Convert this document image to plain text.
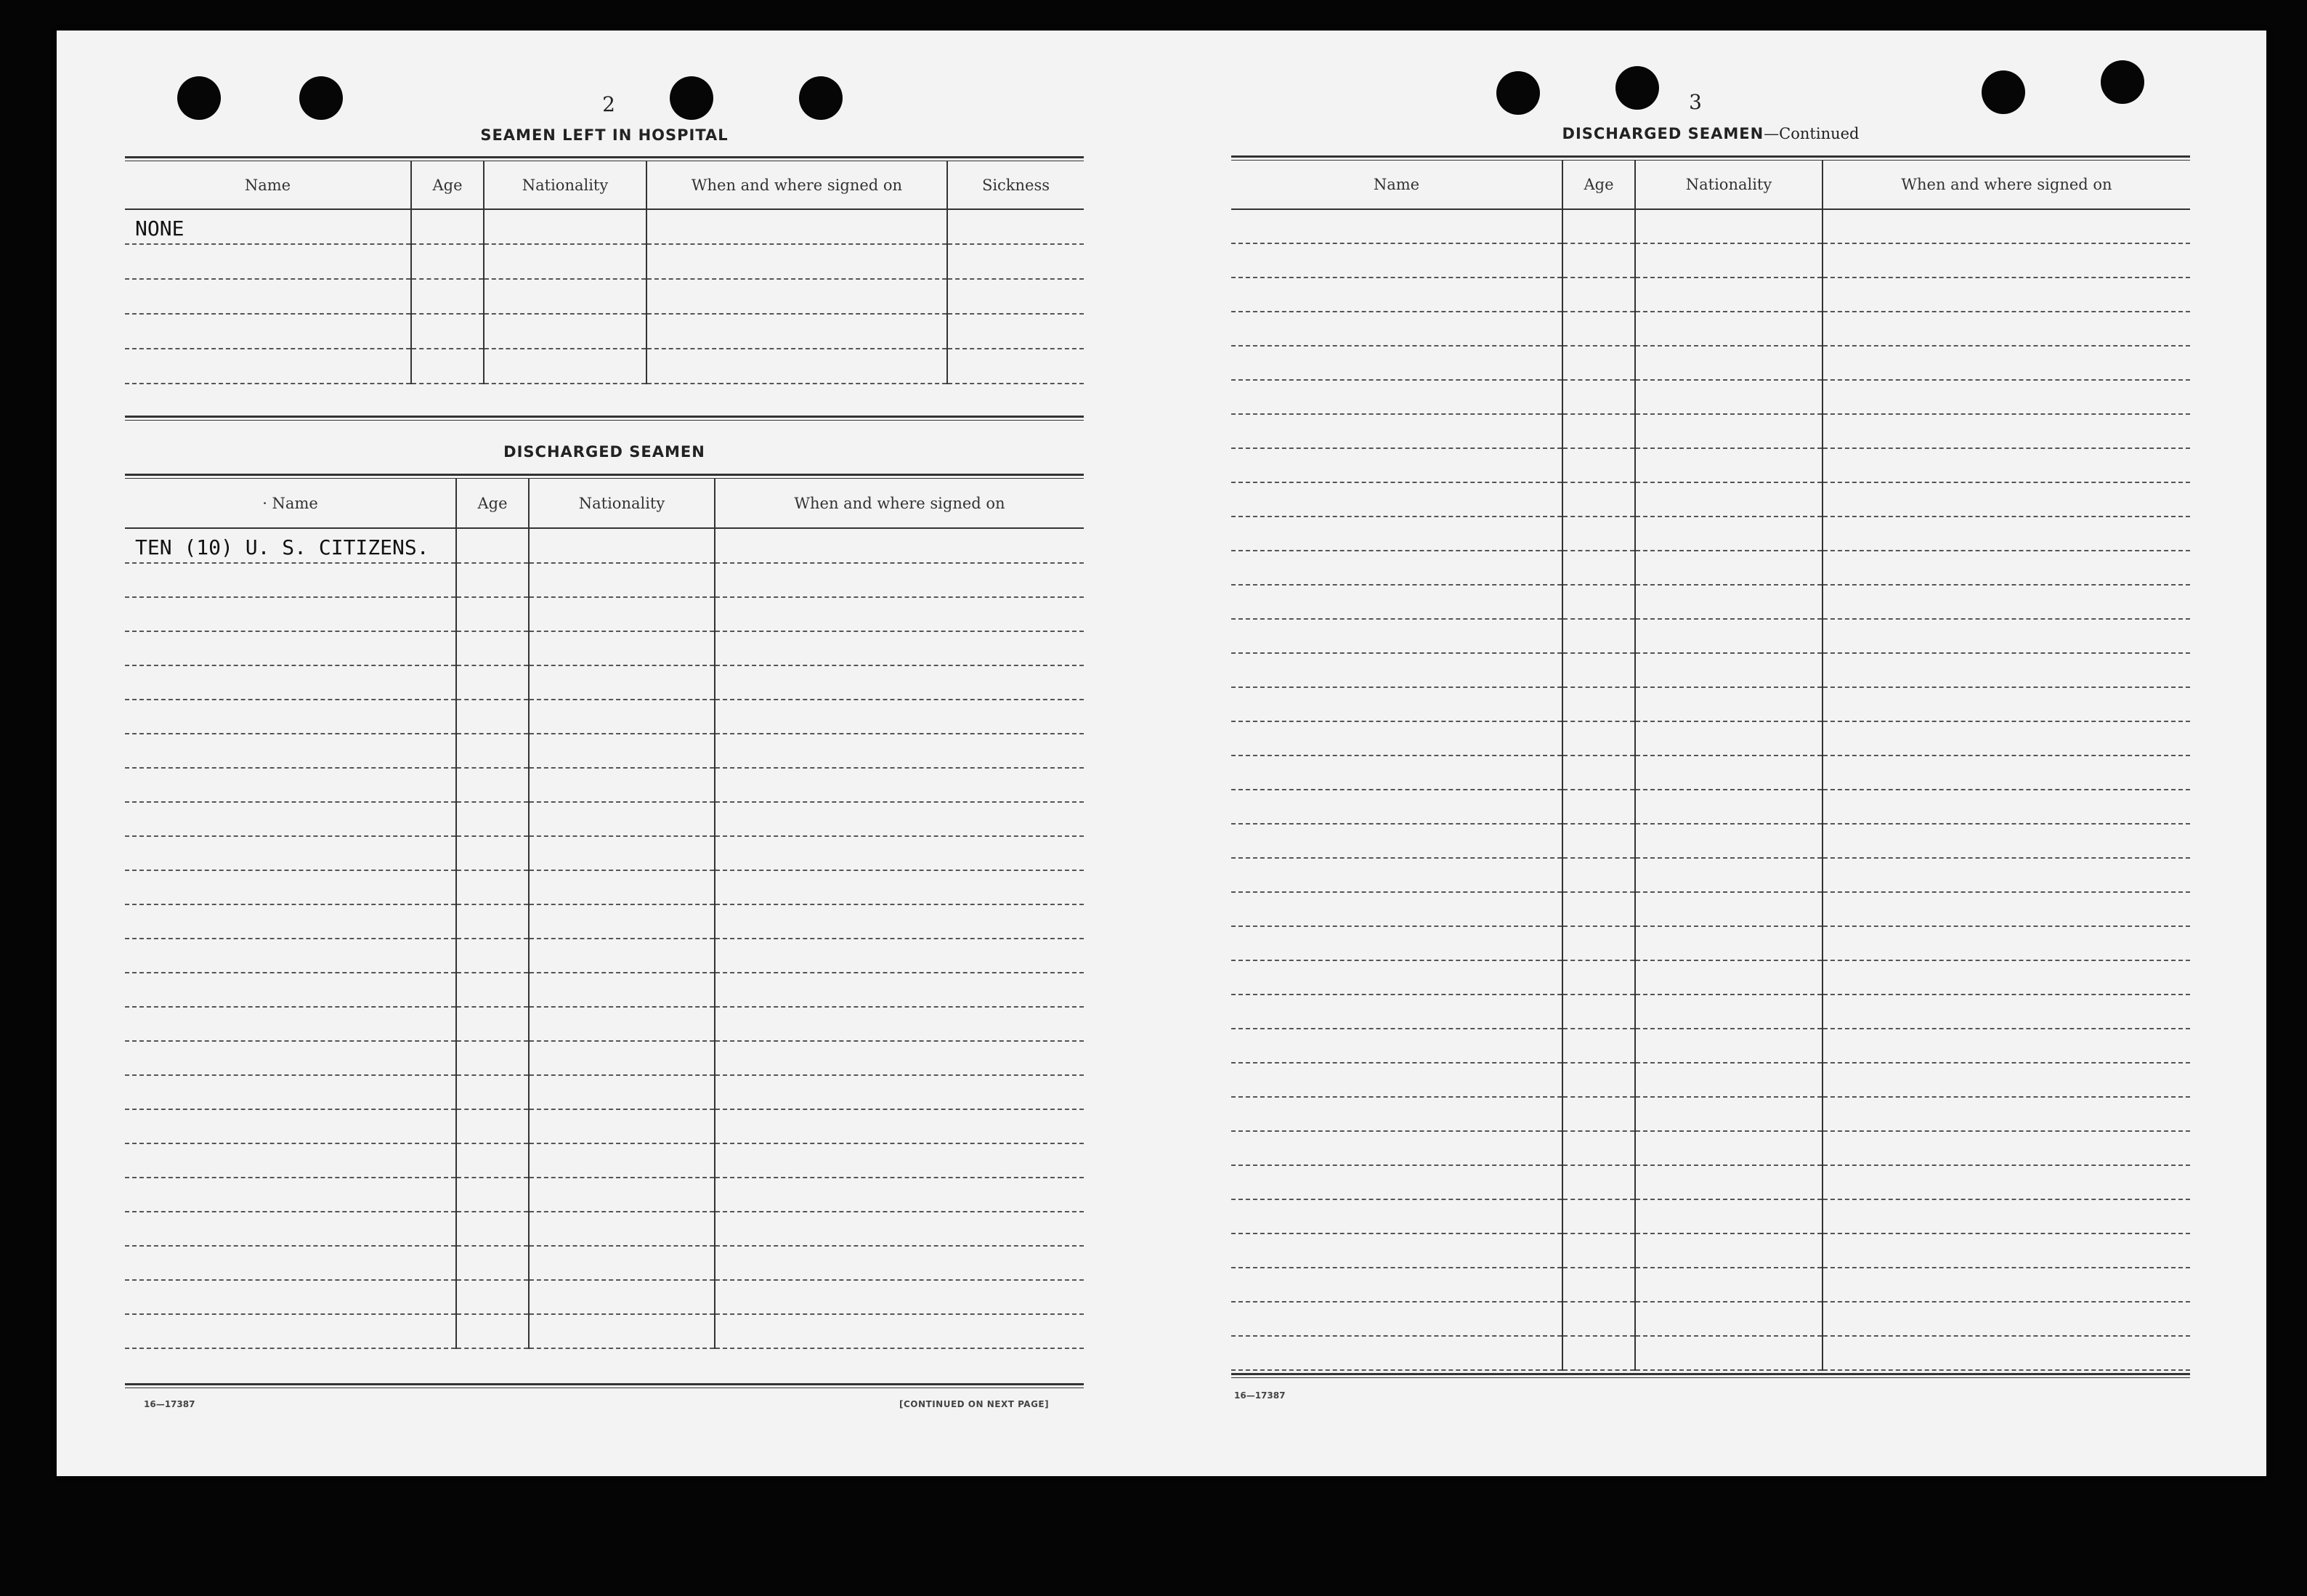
2
SEAMEN LEFT IN HOSPITAL
Name	Age	Nationality	When and where signed on	Sickness
NONE				

DISCHARGED SEAMEN
· Name	Age	Nationality	When and where signed on
TEN (10) U. S. CITIZENS.			

16—17387	[CONTINUED ON NEXT PAGE]
3
DISCHARGED SEAMEN—Continued
Name	Age	Nationality	When and where signed on

16—17387
